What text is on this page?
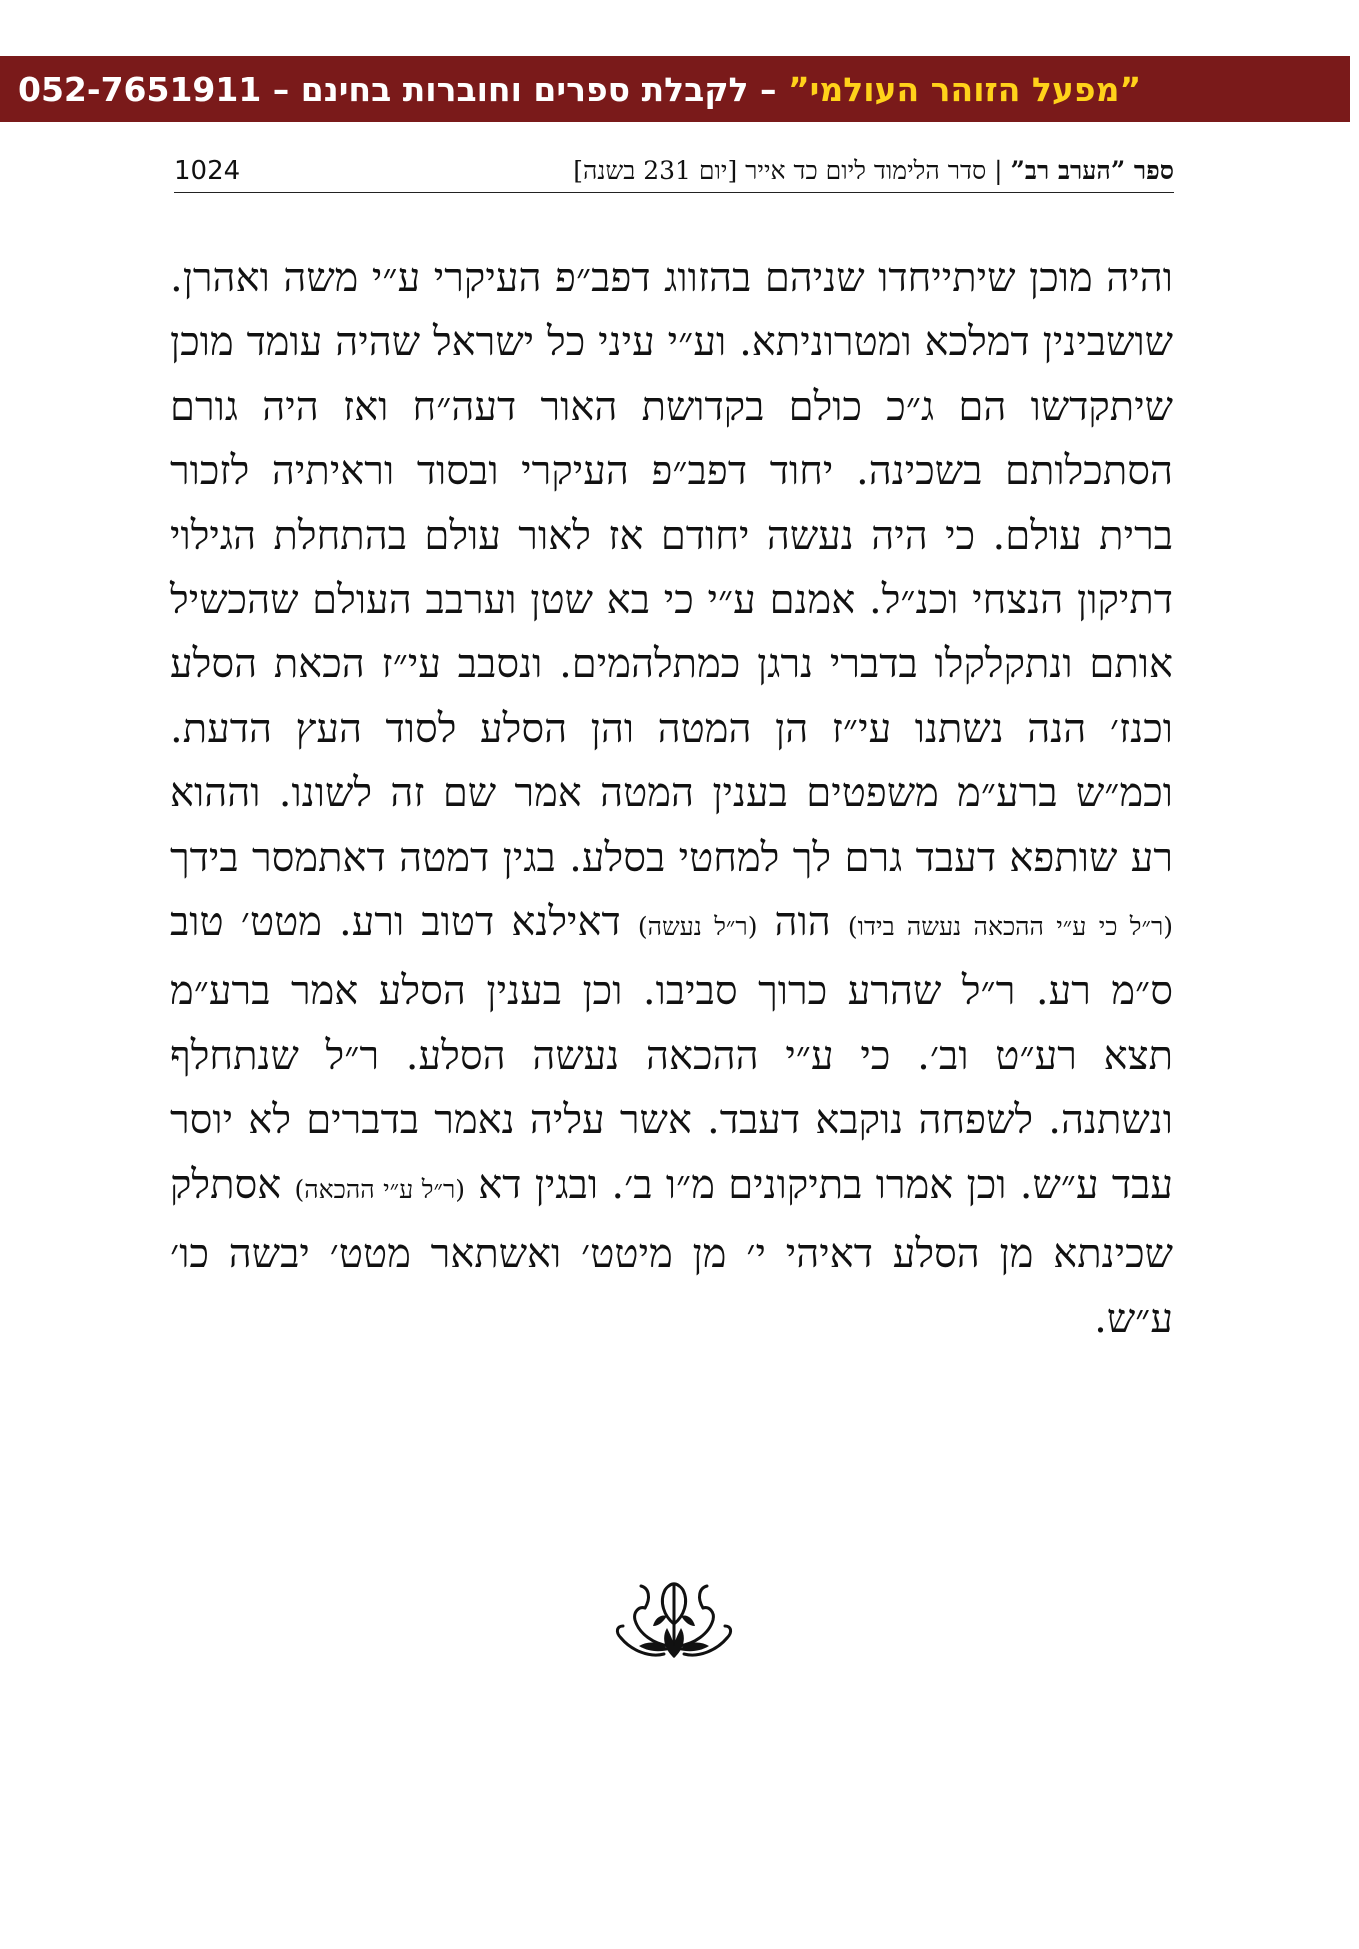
”מפעל הזוהר העולמי” – לקבלת ספרים וחוברות בחינם – 052-7651911
ספר ”הערב רב” | סדר הלימוד ליום כד אייר [יום 231 בשנה]
1024

והיה מוכן שיתייחדו שניהם בהזווג דפב״פ העיקרי ע״י משה ואהרן. שושבינין דמלכא ומטרוניתא. וע״י עיני כל ישראל שהיה עומד מוכן שיתקדשו הם ג״כ כולם בקדושת האור דעה״ח ואז היה גורם הסתכלותם בשכינה. יחוד דפב״פ העיקרי ובסוד וראיתיה לזכור ברית עולם. כי היה נעשה יחודם אז לאור עולם בהתחלת הגילוי דתיקון הנצחי וכנ״ל. אמנם ע״י כי בא שטן וערבב העולם שהכשיל אותם ונתקלקלו בדברי נרגן כמתלהמים. ונסבב עי״ז הכאת הסלע וכנז׳ הנה נשתנו עי״ז הן המטה והן הסלע לסוד העץ הדעת. וכמ״ש ברע״מ משפטים בענין המטה אמר שם זה לשונו. וההוא רע שותפא דעבד גרם לך למחטי בסלע. בגין דמטה דאתמסר בידך (ר״ל כי ע״י ההכאה נעשה בידו) הוה (ר״ל נעשה) דאילנא דטוב ורע. מטט׳ טוב ס״מ רע. ר״ל שהרע כרוך סביבו. וכן בענין הסלע אמר ברע״מ תצא רע״ט וב׳. כי ע״י ההכאה נעשה הסלע. ר״ל שנתחלף ונשתנה. לשפחה נוקבא דעבד. אשר עליה נאמר בדברים לא יוסר עבד ע״ש. וכן אמרו בתיקונים מ״ו ב׳. ובגין דא (ר״ל ע״י ההכאה) אסתלק שכינתא מן הסלע דאיהי י׳ מן מיטט׳ ואשתאר מטט׳ יבשה כו׳ ע״ש.
